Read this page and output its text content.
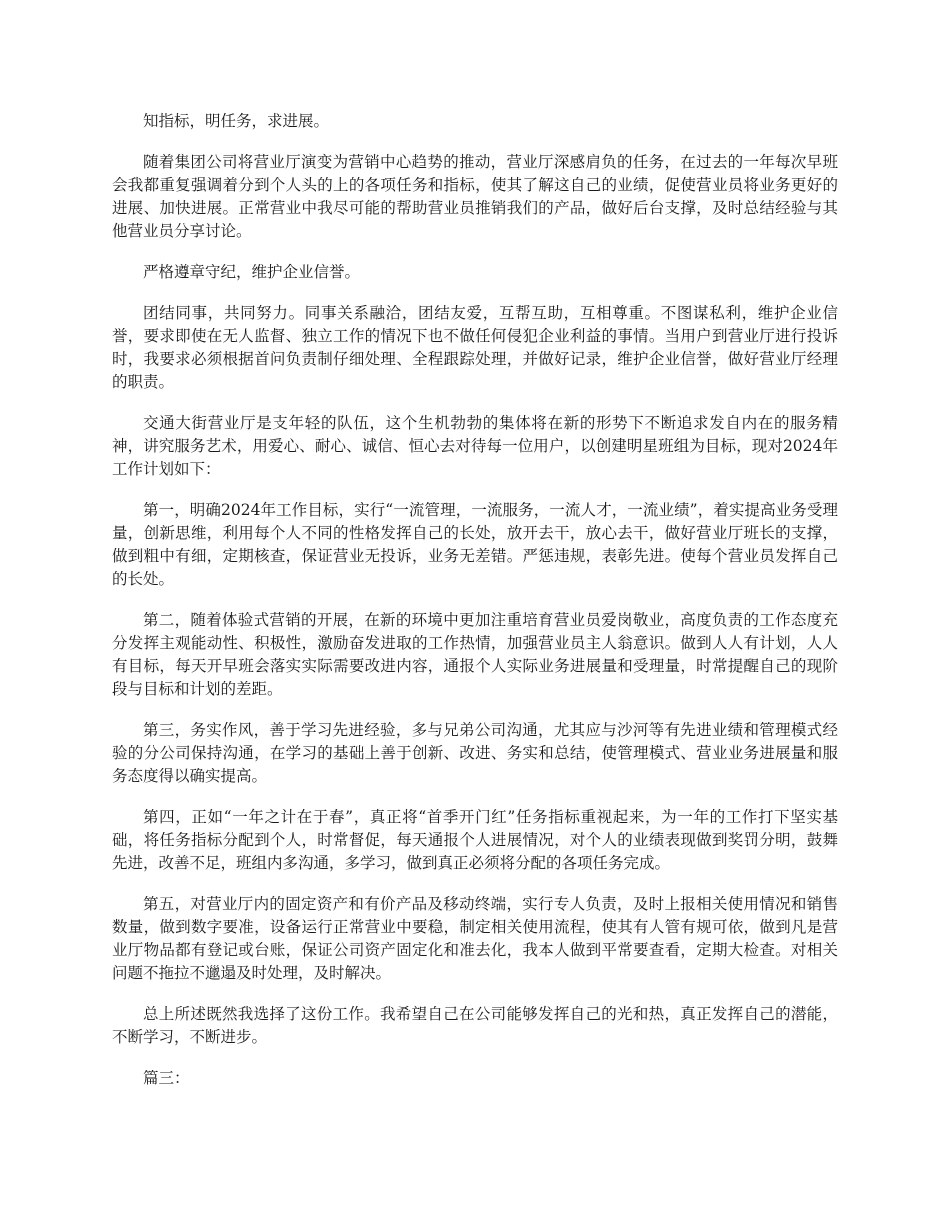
知指标，明任务，求进展。

随着集团公司将营业厅演变为营销中心趋势的推动，营业厅深感肩负的任务，在过去的一年每次早班会我都重复强调着分到个人头的上的各项任务和指标，使其了解这自己的业绩，促使营业员将业务更好的进展、加快进展。正常营业中我尽可能的帮助营业员推销我们的产品，做好后台支撑，及时总结经验与其他营业员分享讨论。

严格遵章守纪，维护企业信誉。

团结同事，共同努力。同事关系融洽，团结友爱，互帮互助，互相尊重。不图谋私利，维护企业信誉，要求即使在无人监督、独立工作的情况下也不做任何侵犯企业利益的事情。当用户到营业厅进行投诉时，我要求必须根据首问负责制仔细处理、全程跟踪处理，并做好记录，维护企业信誉，做好营业厅经理的职责。

交通大街营业厅是支年轻的队伍，这个生机勃勃的集体将在新的形势下不断追求发自内在的服务精神，讲究服务艺术，用爱心、耐心、诚信、恒心去对待每一位用户，以创建明星班组为目标，现对2024年工作计划如下：

第一，明确2024年工作目标，实行“一流管理，一流服务，一流人才，一流业绩”，着实提高业务受理量，创新思维，利用每个人不同的性格发挥自己的长处，放开去干，放心去干，做好营业厅班长的支撑，做到粗中有细，定期核查，保证营业无投诉，业务无差错。严惩违规，表彰先进。使每个营业员发挥自己的长处。

第二，随着体验式营销的开展，在新的环境中更加注重培育营业员爱岗敬业，高度负责的工作态度充分发挥主观能动性、积极性，激励奋发进取的工作热情，加强营业员主人翁意识。做到人人有计划，人人有目标，每天开早班会落实实际需要改进内容，通报个人实际业务进展量和受理量，时常提醒自己的现阶段与目标和计划的差距。

第三，务实作风，善于学习先进经验，多与兄弟公司沟通，尤其应与沙河等有先进业绩和管理模式经验的分公司保持沟通，在学习的基础上善于创新、改进、务实和总结，使管理模式、营业业务进展量和服务态度得以确实提高。

第四，正如“一年之计在于春”，真正将“首季开门红”任务指标重视起来，为一年的工作打下坚实基础，将任务指标分配到个人，时常督促，每天通报个人进展情况，对个人的业绩表现做到奖罚分明，鼓舞先进，改善不足，班组内多沟通，多学习，做到真正必须将分配的各项任务完成。

第五，对营业厅内的固定资产和有价产品及移动终端，实行专人负责，及时上报相关使用情况和销售数量，做到数字要准，设备运行正常营业中要稳，制定相关使用流程，使其有人管有规可依，做到凡是营业厅物品都有登记或台账，保证公司资产固定化和准去化，我本人做到平常要查看，定期大检查。对相关问题不拖拉不邋遢及时处理，及时解决。

总上所述既然我选择了这份工作。我希望自己在公司能够发挥自己的光和热，真正发挥自己的潜能，不断学习，不断进步。

篇三：
